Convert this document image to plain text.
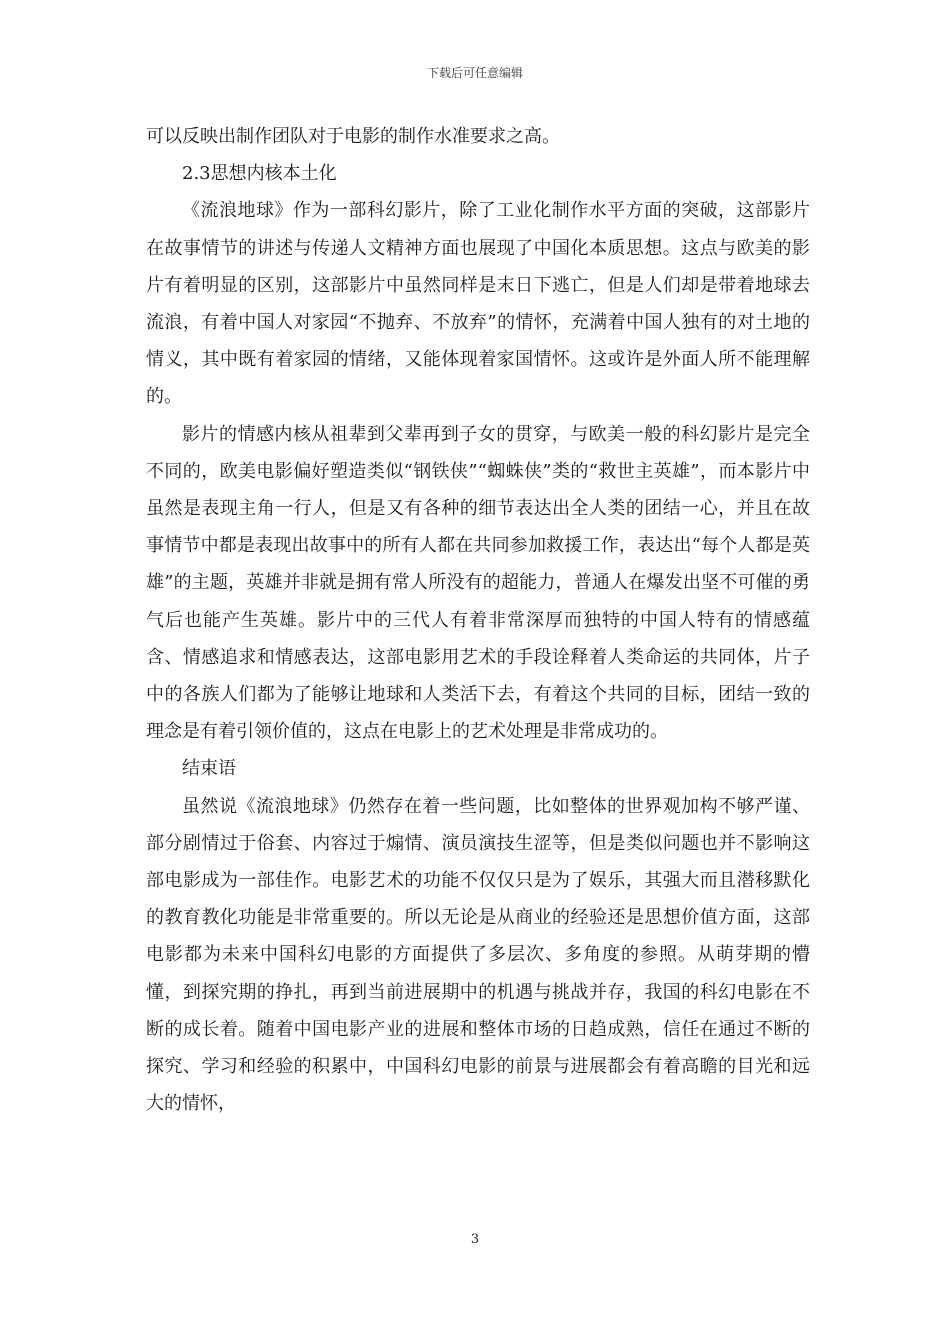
下载后可任意编辑

可以反映出制作团队对于电影的制作水准要求之高。

2.3思想内核本土化

《流浪地球》作为一部科幻影片，除了工业化制作水平方面的突破，这部影片在故事情节的讲述与传递人文精神方面也展现了中国化本质思想。这点与欧美的影片有着明显的区别，这部影片中虽然同样是末日下逃亡，但是人们却是带着地球去流浪，有着中国人对家园“不抛弃、不放弃”的情怀，充满着中国人独有的对土地的情义，其中既有着家园的情绪，又能体现着家国情怀。这或许是外面人所不能理解的。

影片的情感内核从祖辈到父辈再到子女的贯穿，与欧美一般的科幻影片是完全不同的，欧美电影偏好塑造类似“钢铁侠”“蜘蛛侠”类的“救世主英雄”，而本影片中虽然是表现主角一行人，但是又有各种的细节表达出全人类的团结一心，并且在故事情节中都是表现出故事中的所有人都在共同参加救援工作，表达出“每个人都是英雄”的主题，英雄并非就是拥有常人所没有的超能力，普通人在爆发出坚不可催的勇气后也能产生英雄。影片中的三代人有着非常深厚而独特的中国人特有的情感蕴含、情感追求和情感表达，这部电影用艺术的手段诠释着人类命运的共同体，片子中的各族人们都为了能够让地球和人类活下去，有着这个共同的目标，团结一致的理念是有着引领价值的，这点在电影上的艺术处理是非常成功的。

结束语

虽然说《流浪地球》仍然存在着一些问题，比如整体的世界观加构不够严谨、部分剧情过于俗套、内容过于煽情、演员演技生涩等，但是类似问题也并不影响这部电影成为一部佳作。电影艺术的功能不仅仅只是为了娱乐，其强大而且潜移默化的教育教化功能是非常重要的。所以无论是从商业的经验还是思想价值方面，这部电影都为未来中国科幻电影的方面提供了多层次、多角度的参照。从萌芽期的懵懂，到探究期的挣扎，再到当前进展期中的机遇与挑战并存，我国的科幻电影在不断的成长着。随着中国电影产业的进展和整体市场的日趋成熟，信任在通过不断的探究、学习和经验的积累中，中国科幻电影的前景与进展都会有着高瞻的目光和远大的情怀，

3
